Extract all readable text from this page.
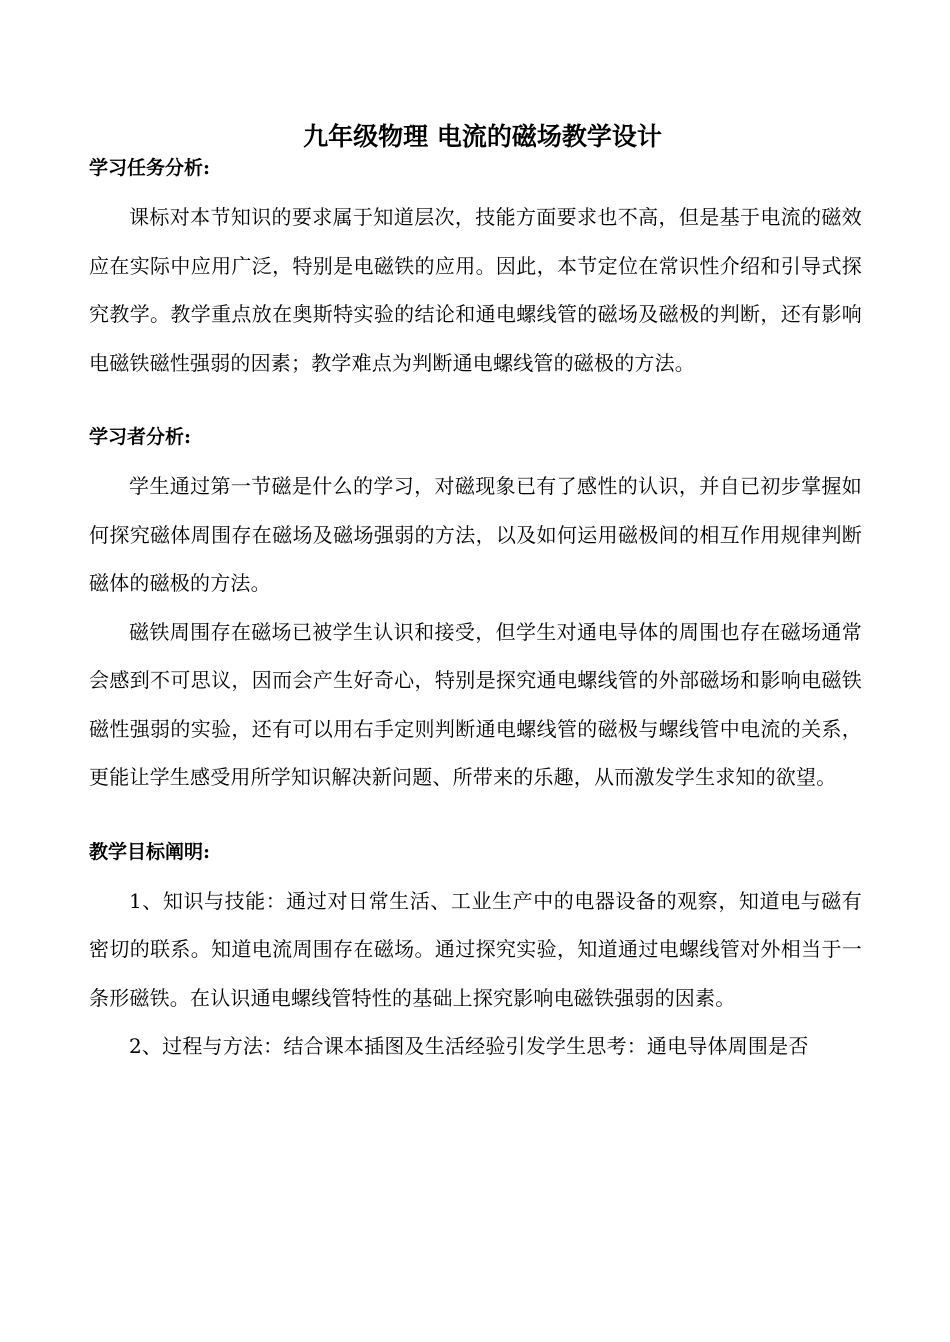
九年级物理 电流的磁场教学设计
学习任务分析:

课标对本节知识的要求属于知道层次，技能方面要求也不高，但是基于电流的磁效应在实际中应用广泛，特别是电磁铁的应用。因此，本节定位在常识性介绍和引导式探究教学。教学重点放在奥斯特实验的结论和通电螺线管的磁场及磁极的判断，还有影响电磁铁磁性强弱的因素；教学难点为判断通电螺线管的磁极的方法。

学习者分析:

学生通过第一节磁是什么的学习，对磁现象已有了感性的认识，并自已初步掌握如何探究磁体周围存在磁场及磁场强弱的方法，以及如何运用磁极间的相互作用规律判断磁体的磁极的方法。

磁铁周围存在磁场已被学生认识和接受，但学生对通电导体的周围也存在磁场通常会感到不可思议，因而会产生好奇心，特别是探究通电螺线管的外部磁场和影响电磁铁磁性强弱的实验，还有可以用右手定则判断通电螺线管的磁极与螺线管中电流的关系，更能让学生感受用所学知识解决新问题、所带来的乐趣，从而激发学生求知的欲望。

教学目标阐明:

1、知识与技能：通过对日常生活、工业生产中的电器设备的观察，知道电与磁有密切的联系。知道电流周围存在磁场。通过探究实验，知道通过电螺线管对外相当于一条形磁铁。在认识通电螺线管特性的基础上探究影响电磁铁强弱的因素。

2、过程与方法：结合课本插图及生活经验引发学生思考：通电导体周围是否
